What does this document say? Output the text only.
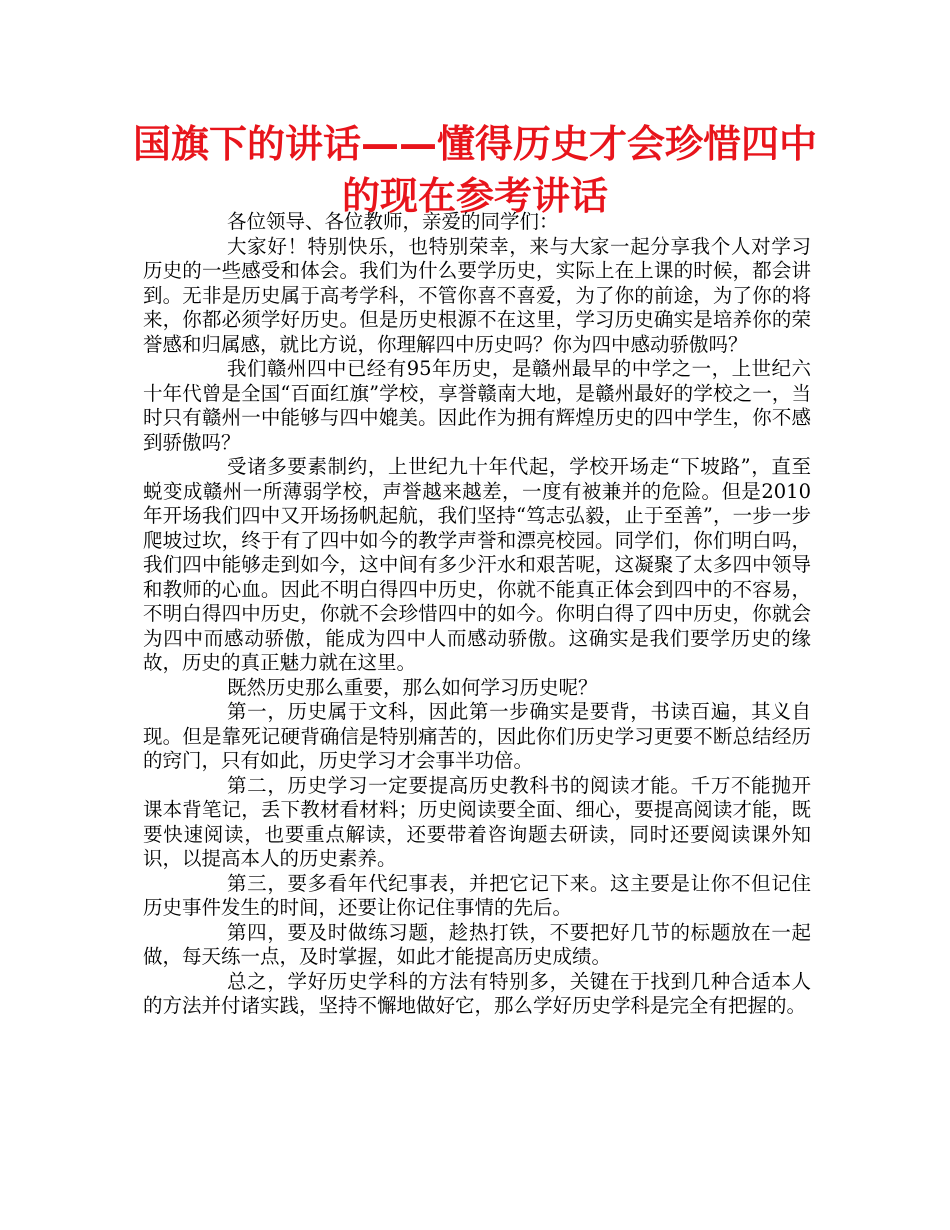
国旗下的讲话——懂得历史才会珍惜四中
的现在参考讲话

各位领导、各位教师，亲爱的同学们：

大家好！特别快乐，也特别荣幸，来与大家一起分享我个人对学习历史的一些感受和体会。我们为什么要学历史，实际上在上课的时候，都会讲到。无非是历史属于高考学科，不管你喜不喜爱，为了你的前途，为了你的将来，你都必须学好历史。但是历史根源不在这里，学习历史确实是培养你的荣誉感和归属感，就比方说，你理解四中历史吗？你为四中感动骄傲吗？

我们赣州四中已经有95年历史，是赣州最早的中学之一，上世纪六十年代曾是全国“百面红旗”学校，享誉赣南大地，是赣州最好的学校之一，当时只有赣州一中能够与四中媲美。因此作为拥有辉煌历史的四中学生，你不感到骄傲吗？

受诸多要素制约，上世纪九十年代起，学校开场走“下坡路”，直至蜕变成赣州一所薄弱学校，声誉越来越差，一度有被兼并的危险。但是2010年开场我们四中又开场扬帆起航，我们坚持“笃志弘毅，止于至善”，一步一步爬坡过坎，终于有了四中如今的教学声誉和漂亮校园。同学们，你们明白吗，我们四中能够走到如今，这中间有多少汗水和艰苦呢，这凝聚了太多四中领导和教师的心血。因此不明白得四中历史，你就不能真正体会到四中的不容易，不明白得四中历史，你就不会珍惜四中的如今。你明白得了四中历史，你就会为四中而感动骄傲，能成为四中人而感动骄傲。这确实是我们要学历史的缘故，历史的真正魅力就在这里。

既然历史那么重要，那么如何学习历史呢？

第一，历史属于文科，因此第一步确实是要背，书读百遍，其义自现。但是靠死记硬背确信是特别痛苦的，因此你们历史学习更要不断总结经历的窍门，只有如此，历史学习才会事半功倍。

第二，历史学习一定要提高历史教科书的阅读才能。千万不能抛开课本背笔记，丢下教材看材料；历史阅读要全面、细心，要提高阅读才能，既要快速阅读，也要重点解读，还要带着咨询题去研读，同时还要阅读课外知识，以提高本人的历史素养。

第三，要多看年代纪事表，并把它记下来。这主要是让你不但记住历史事件发生的时间，还要让你记住事情的先后。

第四，要及时做练习题，趁热打铁，不要把好几节的标题放在一起做，每天练一点，及时掌握，如此才能提高历史成绩。

总之，学好历史学科的方法有特别多，关键在于找到几种合适本人的方法并付诸实践，坚持不懈地做好它，那么学好历史学科是完全有把握的。
